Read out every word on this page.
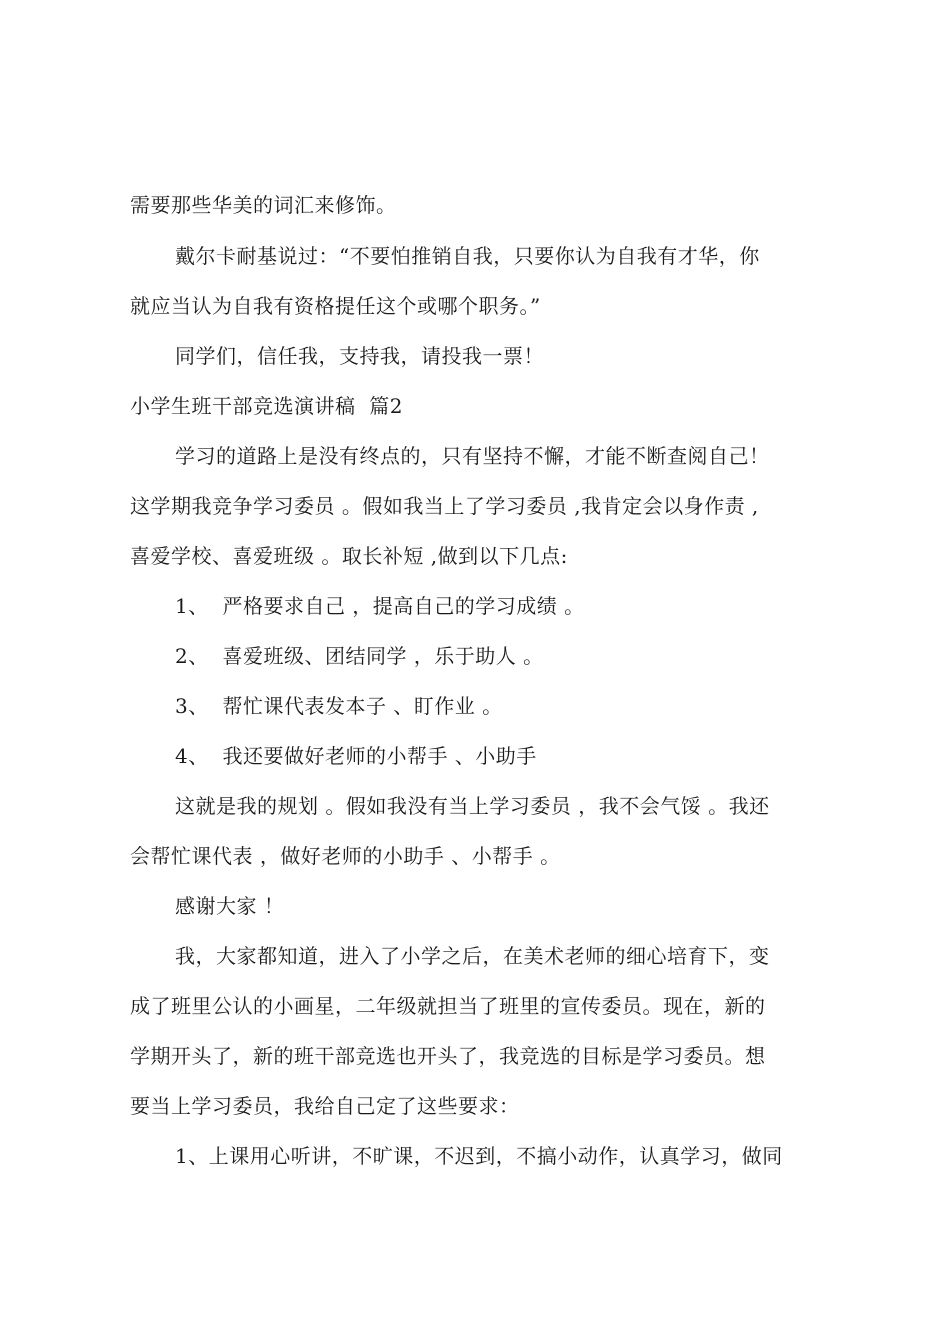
需要那些华美的词汇来修饰。
戴尔卡耐基说过：“不要怕推销自我，只要你认为自我有才华，你
就应当认为自我有资格提任这个或哪个职务。”
同学们，信任我，支持我，请投我一票！
小学生班干部竞选演讲稿  篇2
学习的道路上是没有终点的，只有坚持不懈，才能不断查阅自己！
这学期我竞争学习委员 。假如我当上了学习委员 ,我肯定会以身作责 ,
喜爱学校、喜爱班级 。取长补短 ,做到以下几点:
1、  严格要求自己 ，提高自己的学习成绩 。
2、  喜爱班级、团结同学 ，乐于助人 。
3、  帮忙课代表发本子 、盯作业 。
4、  我还要做好老师的小帮手 、小助手
这就是我的规划 。假如我没有当上学习委员 ，我不会气馁 。我还
会帮忙课代表 ，做好老师的小助手 、小帮手 。
感谢大家 ！
我，大家都知道，进入了小学之后，在美术老师的细心培育下，变
成了班里公认的小画星，二年级就担当了班里的宣传委员。现在，新的
学期开头了，新的班干部竞选也开头了，我竞选的目标是学习委员。想
要当上学习委员，我给自己定了这些要求：
1、上课用心听讲，不旷课，不迟到，不搞小动作，认真学习，做同
